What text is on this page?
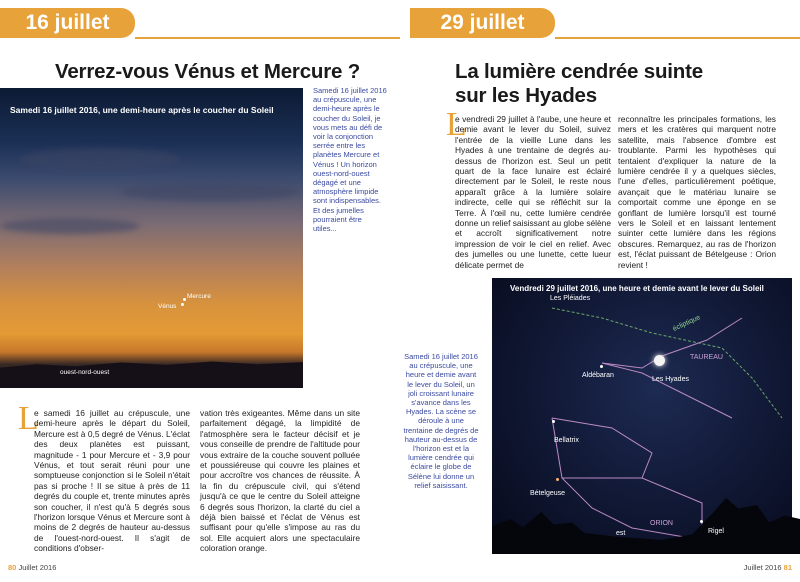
16 juillet
Verrez-vous Vénus et Mercure ?
Samedi 16 juillet 2016, une demi-heure après le coucher du Soleil
Mercure
Vénus
ouest-nord-ouest
Samedi 16 juillet 2016 au crépuscule, une demi-heure après le coucher du Soleil, je vous mets au défi de voir la conjonction serrée entre les planètes Mercure et Vénus ! Un horizon ouest-nord-ouest dégagé et une atmosphère limpide sont indispensables. Et des jumelles pourraient être utiles...
L
e samedi 16 juillet au crépuscule, une demi-heure après le départ du Soleil, Mercure est à 0,5 degré de Vénus. L'éclat des deux planètes est puissant, magnitude - 1 pour Mercure et - 3,9 pour Vénus, et tout serait réuni pour une somptueuse conjonction si le Soleil n'était pas si proche ! Il se situe à près de 11 degrés du couple et, trente minutes après son coucher, il n'est qu'à 5 degrés sous l'horizon lorsque Vénus et Mercure sont à moins de 2 degrés de hauteur au-dessus de l'ouest-nord-ouest. Il s'agit de conditions d'obser-
vation très exigeantes. Même dans un site parfaitement dégagé, la limpidité de l'atmosphère sera le facteur décisif et je vous conseille de prendre de l'altitude pour vous extraire de la couche souvent polluée et poussiéreuse qui couvre les plaines et pour accroître vos chances de réussite. À la fin du crépuscule civil, qui s'étend jusqu'à ce que le centre du Soleil atteigne 6 degrés sous l'horizon, la clarté du ciel a déjà bien baissé et l'éclat de Vénus est suffisant pour qu'elle s'impose au ras du sol. Elle acquiert alors une spectaculaire coloration orange.
80 Juillet 2016
29 juillet
La lumière cendrée suinte
sur les Hyades
L
e vendredi 29 juillet à l'aube, une heure et demie avant le lever du Soleil, suivez l'entrée de la vieille Lune dans les Hyades à une trentaine de degrés au-dessus de l'horizon est. Seul un petit quart de la face lunaire est éclairé directement par le Soleil, le reste nous apparaît grâce à la lumière solaire indirecte, celle qui se réfléchit sur la Terre. À l'œil nu, cette lumière cendrée donne un relief saisissant au globe sélène et accroît significativement notre impression de voir le ciel en relief. Avec des jumelles ou une lunette, cette lueur délicate permet de
reconnaître les principales formations, les mers et les cratères qui marquent notre satellite, mais l'absence d'ombre est troublante. Parmi les hypothèses qui tentaient d'expliquer la nature de la lumière cendrée il y a quelques siècles, l'une d'elles, particulièrement poétique, avançait que le matériau lunaire se comportait comme une éponge en se gonflant de lumière lorsqu'il est tourné vers le Soleil et en laissant lentement suinter cette lumière dans les régions obscures. Remarquez, au ras de l'horizon est, l'éclat puissant de Bételgeuse : Orion revient !
Vendredi 29 juillet 2016, une heure et demie avant le lever du Soleil
Les Pléiades
écliptique
TAUREAU
Aldébaran
Les Hyades
Bellatrix
Bételgeuse
ORION
Rigel
est
Samedi 16 juillet 2016 au crépuscule, une heure et demie avant le lever du Soleil, un joli croissant lunaire s'avance dans les Hyades. La scène se déroule à une trentaine de degrés de hauteur au-dessus de l'horizon est et la lumière cendrée qui éclaire le globe de Sélène lui donne un relief saisissant.
Juillet 2016 81
